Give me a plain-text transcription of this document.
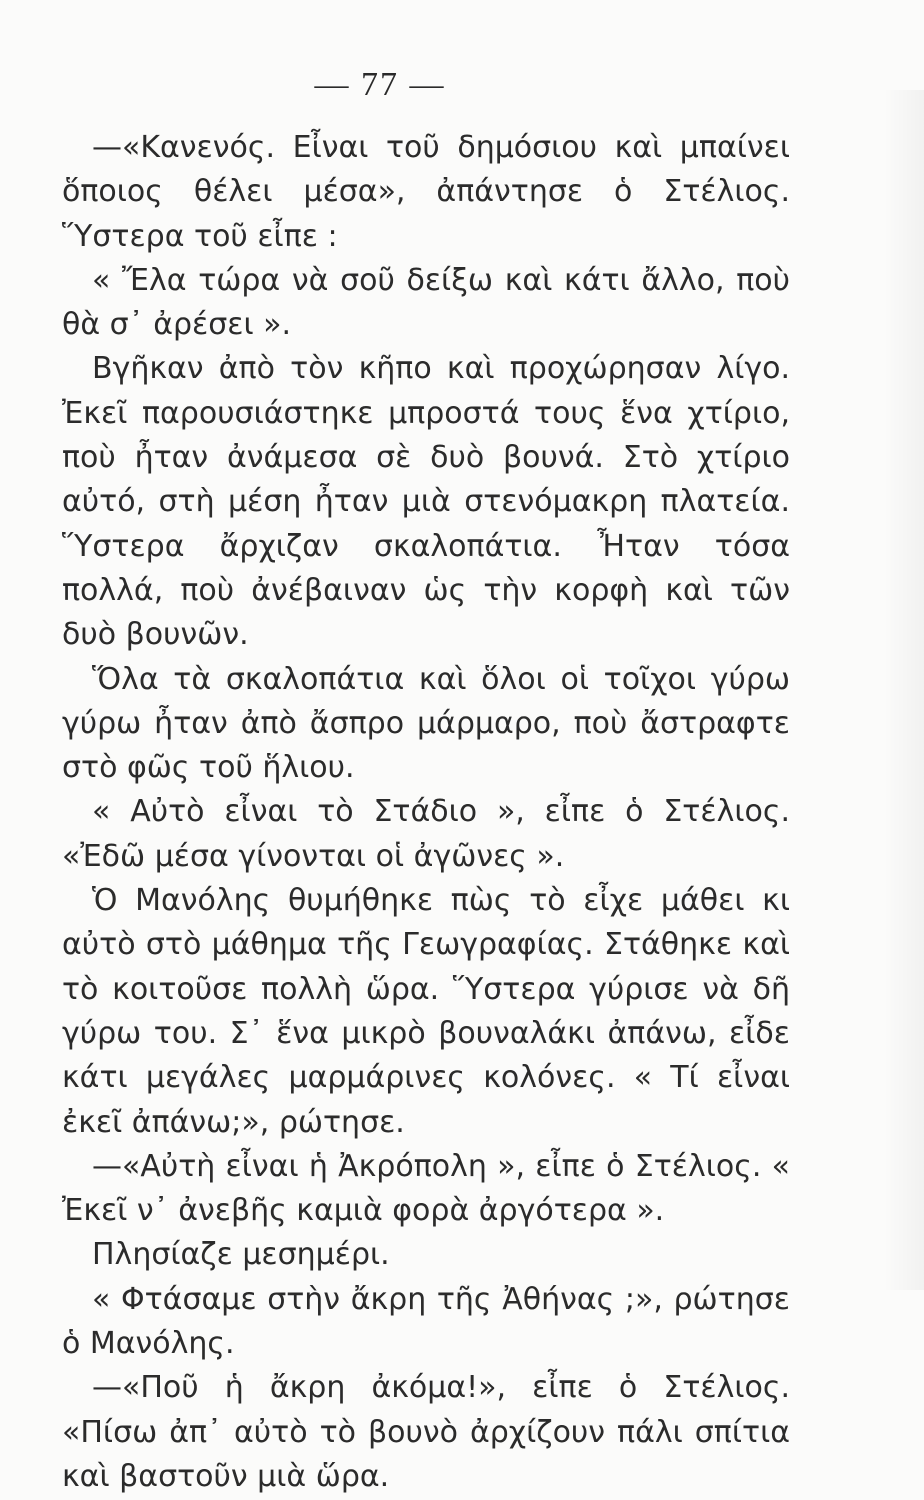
— 77 —

—«Κανενός. Εἶναι τοῦ δημόσιου καὶ μπαίνει ὅποιος θέλει μέσα», ἀπάντησε ὁ Στέλιος. Ὕστερα τοῦ εἶπε :

« Ἔλα τώρα νὰ σοῦ δείξω καὶ κάτι ἄλλο, ποὺ θὰ σ᾽ ἀρέσει ».

Βγῆκαν ἀπὸ τὸν κῆπο καὶ προχώρησαν λίγο. Ἐκεῖ παρουσιάστηκε μπροστά τους ἕνα χτίριο, ποὺ ἦταν ἀνάμεσα σὲ δυὸ βουνά. Στὸ χτίριο αὐτό, στὴ μέση ἦταν μιὰ στενόμακρη πλατεία. Ὕστερα ἄρχιζαν σκαλοπάτια. Ἦταν τόσα πολλά, ποὺ ἀνέβαιναν ὡς τὴν κορφὴ καὶ τῶν δυὸ βουνῶν.

Ὅλα τὰ σκαλοπάτια καὶ ὅλοι οἱ τοῖχοι γύρω γύρω ἦταν ἀπὸ ἄσπρο μάρμαρο, ποὺ ἄστραφτε στὸ φῶς τοῦ ἥλιου.

« Αὐτὸ εἶναι τὸ Στάδιο », εἶπε ὁ Στέλιος. «Ἐδῶ μέσα γίνονται οἱ ἀγῶνες ».

Ὁ Μανόλης θυμήθηκε πὼς τὸ εἶχε μάθει κι αὐτὸ στὸ μάθημα τῆς Γεωγραφίας. Στάθηκε καὶ τὸ κοιτοῦσε πολλὴ ὥρα. Ὕστερα γύρισε νὰ δῆ γύρω του. Σ᾽ ἕνα μικρὸ βουναλάκι ἀπάνω, εἶδε κάτι μεγάλες μαρμάρινες κολόνες. « Τί εἶναι ἐκεῖ ἀπάνω;», ρώτησε.

—«Αὐτὴ εἶναι ἡ Ἀκρόπολη », εἶπε ὁ Στέλιος. « Ἐκεῖ ν᾽ ἀνεβῆς καμιὰ φορὰ ἀργότερα ».

Πλησίαζε μεσημέρι.

« Φτάσαμε στὴν ἄκρη τῆς Ἀθήνας ;», ρώτησε ὁ Μανόλης.

—«Ποῦ ἡ ἄκρη ἀκόμα!», εἶπε ὁ Στέλιος. «Πίσω ἀπ᾽ αὐτὸ τὸ βουνὸ ἀρχίζουν πάλι σπίτια καὶ βαστοῦν μιὰ ὥρα.
